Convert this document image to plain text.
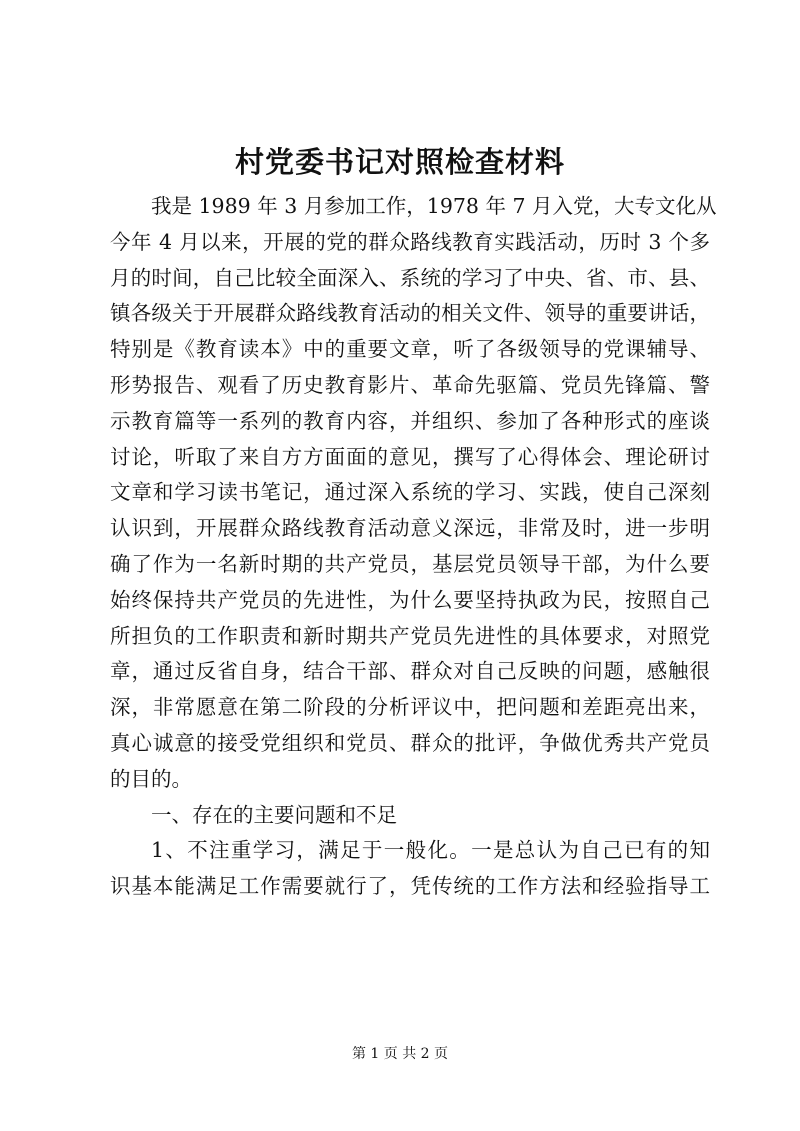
村党委书记对照检查材料
我是 1989 年 3 月参加工作，1978 年 7 月入党，大专文化从
今年 4 月以来，开展的党的群众路线教育实践活动，历时 3 个多
月的时间，自己比较全面深入、系统的学习了中央、省、市、县、
镇各级关于开展群众路线教育活动的相关文件、领导的重要讲话，
特别是《教育读本》中的重要文章，听了各级领导的党课辅导、
形势报告、观看了历史教育影片、革命先驱篇、党员先锋篇、警
示教育篇等一系列的教育内容，并组织、参加了各种形式的座谈
讨论，听取了来自方方面面的意见，撰写了心得体会、理论研讨
文章和学习读书笔记，通过深入系统的学习、实践，使自己深刻
认识到，开展群众路线教育活动意义深远，非常及时，进一步明
确了作为一名新时期的共产党员，基层党员领导干部，为什么要
始终保持共产党员的先进性，为什么要坚持执政为民，按照自己
所担负的工作职责和新时期共产党员先进性的具体要求，对照党
章，通过反省自身，结合干部、群众对自己反映的问题，感触很
深，非常愿意在第二阶段的分析评议中，把问题和差距亮出来，
真心诚意的接受党组织和党员、群众的批评，争做优秀共产党员
的目的。
一、存在的主要问题和不足
1、不注重学习，满足于一般化。一是总认为自己已有的知
识基本能满足工作需要就行了，凭传统的工作方法和经验指导工
第 1 页 共 2 页
